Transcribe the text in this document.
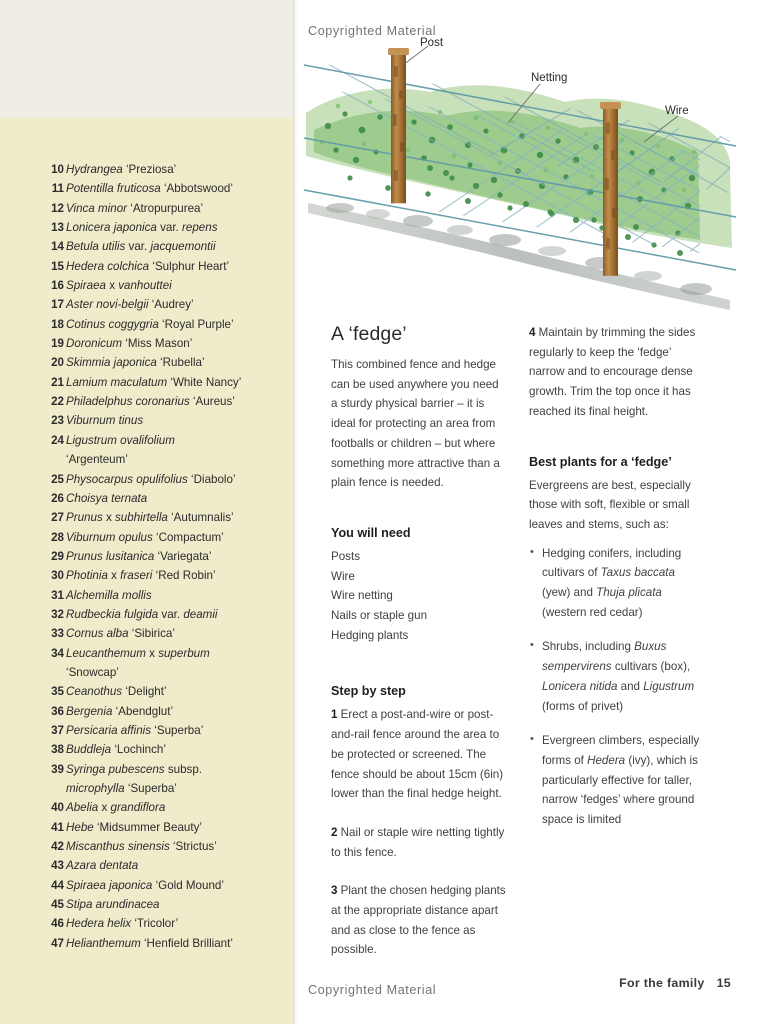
10 Hydrangea ‘Preziosa’
11 Potentilla fruticosa ‘Abbotswood’
12 Vinca minor ‘Atropurpurea’
13 Lonicera japonica var. repens
14 Betula utilis var. jacquemontii
15 Hedera colchica ‘Sulphur Heart’
16 Spiraea x vanhouttei
17 Aster novi-belgii ‘Audrey’
18 Cotinus coggygria ‘Royal Purple’
19 Doronicum ‘Miss Mason’
20 Skimmia japonica ‘Rubella’
21 Lamium maculatum ‘White Nancy’
22 Philadelphus coronarius ‘Aureus’
23 Viburnum tinus
24 Ligustrum ovalifolium
‘Argenteum’
25 Physocarpus opulifolius ‘Diabolo’
26 Choisya ternata
27 Prunus x subhirtella ‘Autumnalis’
28 Viburnum opulus ‘Compactum’
29 Prunus lusitanica ‘Variegata’
30 Photinia x fraseri ‘Red Robin’
31 Alchemilla mollis
32 Rudbeckia fulgida var. deamii
33 Cornus alba ‘Sibirica’
34 Leucanthemum x superbum
‘Snowcap’
35 Ceanothus ‘Delight’
36 Bergenia ‘Abendglut’
37 Persicaria affinis ‘Superba’
38 Buddleja ‘Lochinch’
39 Syringa pubescens subsp.
microphylla ‘Superba’
40 Abelia x grandiflora
41 Hebe ‘Midsummer Beauty’
42 Miscanthus sinensis ‘Strictus’
43 Azara dentata
44 Spiraea japonica ‘Gold Mound’
45 Stipa arundinacea
46 Hedera helix ‘Tricolor’
47 Helianthemum ‘Henfield Brilliant’
Post
Netting
Wire
Copyrighted Material
Copyrighted Material
A ‘fedge’

This combined fence and hedge can be used anywhere you need a sturdy physical barrier – it is ideal for protecting an area from footballs or children – but where something more attractive than a plain fence is needed.

You will need
Posts
Wire
Wire netting
Nails or staple gun
Hedging plants
Step by step

1 Erect a post-and-wire or post-and-rail fence around the area to be protected or screened. The fence should be about 15cm (6in) lower than the final hedge height.

2 Nail or staple wire netting tightly to this fence.

3 Plant the chosen hedging plants at the appropriate distance apart and as close to the fence as possible.

4 Maintain by trimming the sides regularly to keep the ‘fedge’ narrow and to encourage dense growth. Trim the top once it has reached its final height.

Best plants for a ‘fedge’

Evergreens are best, especially those with soft, flexible or small leaves and stems, such as:

• Hedging conifers, including cultivars of Taxus baccata (yew) and Thuja plicata (western red cedar)
• Shrubs, including Buxus sempervirens cultivars (box), Lonicera nitida and Ligustrum (forms of privet)
• Evergreen climbers, especially forms of Hedera (ivy), which is particularly effective for taller, narrow ‘fedges’ where ground space is limited
For the family 15
